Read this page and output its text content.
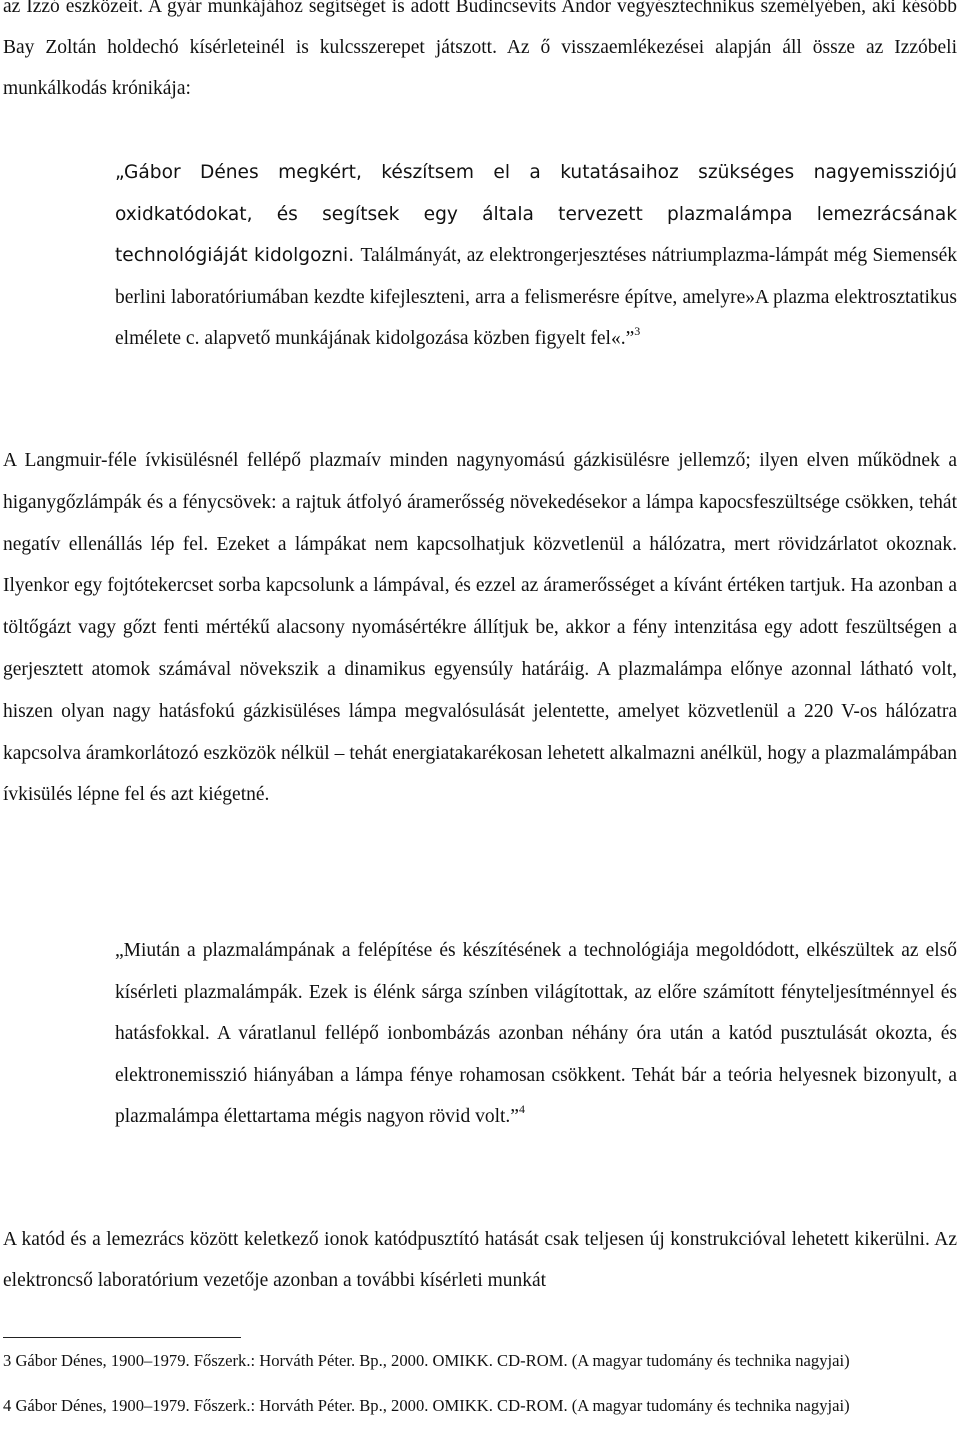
az Izzó eszközeit. A gyár munkájához segítséget is adott Budincsevits Andor vegyésztechnikus személyében, aki később Bay Zoltán holdechó kísérleteinél is kulcsszerepet játszott. Az ő visszaemlékezései alapján áll össze az Izzóbeli munkálkodás krónikája:

„Gábor Dénes megkért, készítsem el a kutatásaihoz szükséges nagyemissziójú oxidkatódokat, és segítsek egy általa tervezett plazmalámpa lemezrácsának technológiáját kidolgozni. Találmányát, az elektrongerjesztéses nátriumplazma-lámpát még Siemensék berlini laboratóriumában kezdte kifejleszteni, arra a felismerésre építve, amelyre»A plazma elektrosztatikus elmélete c. alapvető munkájának kidolgozása közben figyelt fel«.”$^3$

A Langmuir-féle ívkisülésnél fellépő plazmaív minden nagynyomású gázkisülésre jellemző; ilyen elven működnek a higanygőzlámpák és a fénycsövek: a rajtuk átfolyó áramerősség növekedésekor a lámpa kapocsfeszültsége csökken, tehát negatív ellenállás lép fel. Ezeket a lámpákat nem kapcsolhatjuk közvetlenül a hálózatra, mert rövidzárlatot okoznak. Ilyenkor egy fojtótekercset sorba kapcsolunk a lámpával, és ezzel az áramerősséget a kívánt értéken tartjuk. Ha azonban a töltőgázt vagy gőzt fenti mértékű alacsony nyomásértékre állítjuk be, akkor a fény intenzitása egy adott feszültségen a gerjesztett atomok számával növekszik a dinamikus egyensúly határáig. A plazmalámpa előnye azonnal látható volt, hiszen olyan nagy hatásfokú gázkisüléses lámpa megvalósulását jelentette, amelyet közvetlenül a 220 V-os hálózatra kapcsolva áramkorlátozó eszközök nélkül – tehát energiatakarékosan lehetett alkalmazni anélkül, hogy a plazmalámpában ívkisülés lépne fel és azt kiégetné.

„Miután a plazmalámpának a felépítése és készítésének a technológiája megoldódott, elkészültek az első kísérleti plazmalámpák. Ezek is élénk sárga színben világítottak, az előre számított fényteljesítménnyel és hatásfokkal. A váratlanul fellépő ionbombázás azonban néhány óra után a katód pusztulását okozta, és elektronemisszió hiányában a lámpa fénye rohamosan csökkent. Tehát bár a teória helyesnek bizonyult, a plazmalámpa élettartama mégis nagyon rövid volt.”$^4$

A katód és a lemezrács között keletkező ionok katódpusztító hatását csak teljesen új konstrukcióval lehetett kikerülni. Az elektroncső laboratórium vezetője azonban a további kísérleti munkát

3 Gábor Dénes, 1900–1979. Főszerk.: Horváth Péter. Bp., 2000. OMIKK. CD-ROM. (A magyar tudomány és technika nagyjai)

4 Gábor Dénes, 1900–1979. Főszerk.: Horváth Péter. Bp., 2000. OMIKK. CD-ROM. (A magyar tudomány és technika nagyjai)
